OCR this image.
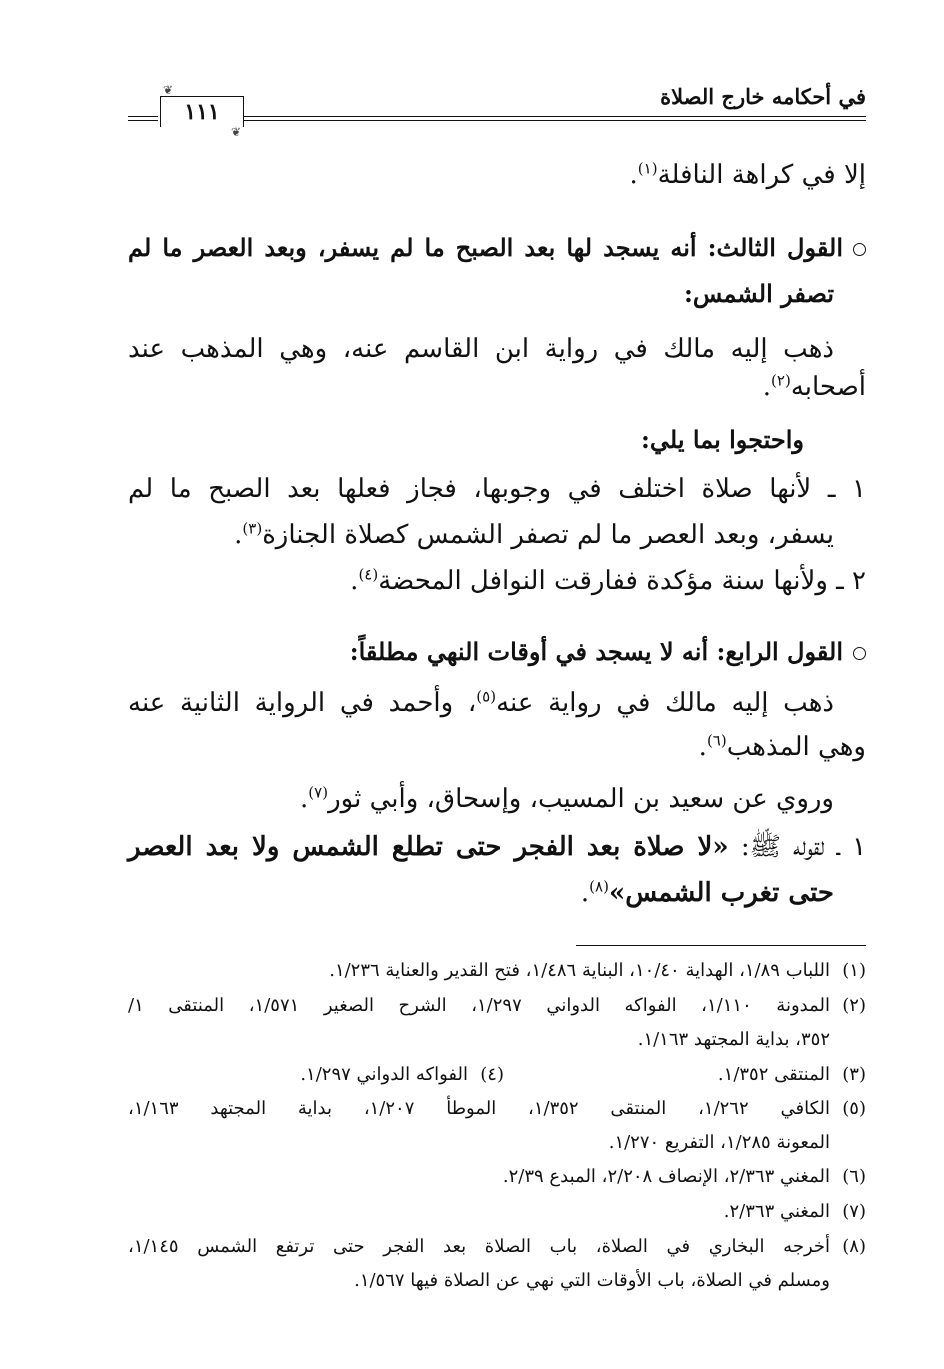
في أحكامه خارج الصلاة
❦
١١١
❦
إلا في كراهة النافلة$^{(١)}$.
القول الثالث: أنه يسجد لها بعد الصبح ما لم يسفر، وبعد العصر ما لم
تصفر الشمس:
ذهب إليه مالك في رواية ابن القاسم عنه، وهي المذهب عند
أصحابه$^{(٢)}$.
واحتجوا بما يلي:
١ ـ لأنها صلاة اختلف في وجوبها، فجاز فعلها بعد الصبح ما لم
يسفر، وبعد العصر ما لم تصفر الشمس كصلاة الجنازة$^{(٣)}$.
٢ ـ ولأنها سنة مؤكدة ففارقت النوافل المحضة$^{(٤)}$.
القول الرابع: أنه لا يسجد في أوقات النهي مطلقاً:
ذهب إليه مالك في رواية عنه$^{(٥)}$، وأحمد في الرواية الثانية عنه
وهي المذهب$^{(٦)}$.
وروي عن سعيد بن المسيب، وإسحاق، وأبي ثور$^{(٧)}$.
١ ـ لقوله ﷺ: «لا صلاة بعد الفجر حتى تطلع الشمس ولا بعد العصر
حتى تغرب الشمس»$^{(٨)}$.
(١)اللباب ١/٨٩، الهداية ١٠/٤٠، البناية ١/٤٨٦، فتح القدير والعناية ١/٢٣٦.
(٢)المدونة ١/١١٠، الفواكه الدواني ١/٢٩٧، الشرح الصغير ١/٥٧١، المنتقى ١/
٣٥٢، بداية المجتهد ١/١٦٣.
(٣)المنتقى ١/٣٥٢.
(٤)الفواكه الدواني ١/٢٩٧.
(٥)الكافي ١/٢٦٢، المنتقى ١/٣٥٢، الموطأ ١/٢٠٧، بداية المجتهد ١/١٦٣،
المعونة ١/٢٨٥، التفريع ١/٢٧٠.
(٦)المغني ٢/٣٦٣، الإنصاف ٢/٢٠٨، المبدع ٢/٣٩.
(٧)المغني ٢/٣٦٣.
(٨)أخرجه البخاري في الصلاة، باب الصلاة بعد الفجر حتى ترتفع الشمس ١/١٤٥،
ومسلم في الصلاة، باب الأوقات التي نهي عن الصلاة فيها ١/٥٦٧.
